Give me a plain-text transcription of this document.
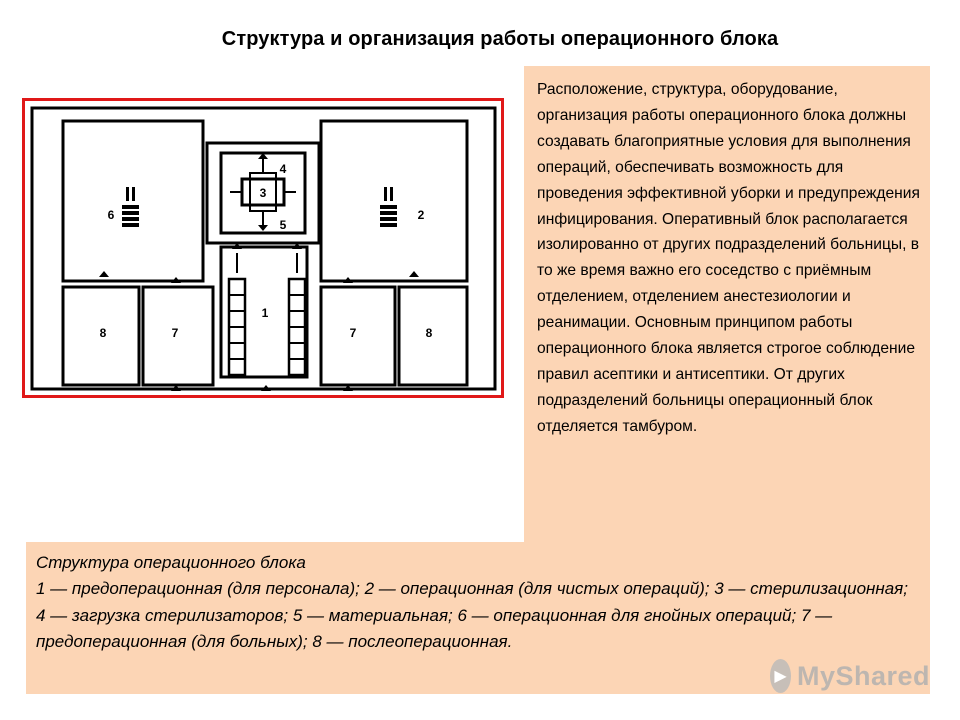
Структура и организация работы операционного блока
1
2
3
4
5
6
7	7
8	8
Расположение, структура, оборудование, организация работы операционного блока должны создавать благоприятные условия для выполнения операций, обеспечивать возможность для проведения эффективной уборки и предупреждения инфицирования. Оперативный блок располагается изолированно от других подразделений больницы, в то же время важно его соседство с приёмным отделением, отделением анестезиологии и реанимации. Основным принципом работы операционного блока является строгое соблюдение правил асептики и антисептики. От других подразделений больницы операционный блок отделяется тамбуром.
Структура операционного блока
1 — предоперационная (для персонала); 2 — операционная (для чистых операций); 3 — стерилизационная; 4 — загрузка стерилизаторов; 5 — материальная; 6 — операционная для гнойных операций; 7 — предоперационная (для больных); 8 — послеоперационная.
▶ MyShared
